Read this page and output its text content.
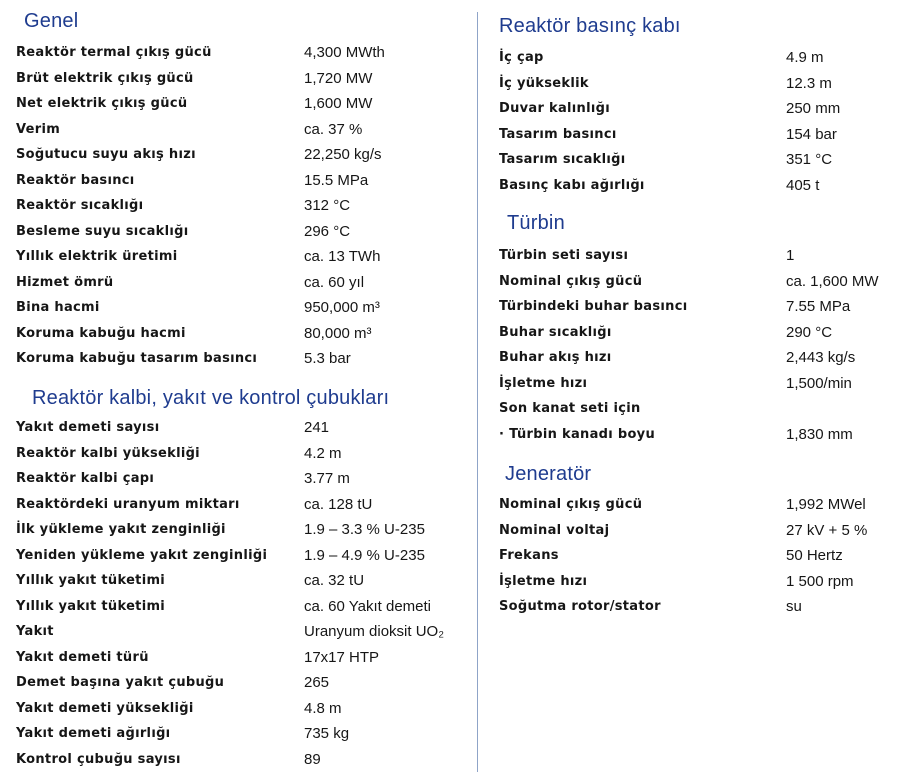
Genel
Reaktör termal çıkış gücü	4,300 MWth
Brüt elektrik çıkış gücü	1,720 MW
Net elektrik çıkış gücü	1,600 MW
Verim	ca. 37 %
Soğutucu suyu akış hızı	22,250 kg/s
Reaktör basıncı	15.5 MPa
Reaktör sıcaklığı	312 °C
Besleme suyu sıcaklığı	296 °C
Yıllık elektrik üretimi	ca. 13 TWh
Hizmet ömrü	ca. 60 yıl
Bina hacmi	950,000 m³
Koruma kabuğu hacmi	80,000 m³
Koruma kabuğu tasarım basıncı	5.3 bar
Reaktör kalbi, yakıt ve kontrol çubukları
Yakıt demeti sayısı	241
Reaktör kalbi yüksekliği	4.2 m
Reaktör kalbi çapı	3.77 m
Reaktördeki uranyum miktarı	ca. 128 tU
İlk yükleme yakıt zenginliği	1.9 – 3.3 % U-235
Yeniden yükleme yakıt zenginliği 1.9 – 4.9 % U-235
Yıllık yakıt tüketimi	ca. 32 tU
Yıllık yakıt tüketimi	ca. 60 Yakıt demeti
Yakıt	Uranyum dioksit UO₂
Yakıt demeti türü	17x17 HTP
Demet başına yakıt çubuğu	265
Yakıt demeti yüksekliği	4.8 m
Yakıt demeti ağırlığı	735 kg
Kontrol çubuğu sayısı	89
Reaktör basınç kabı
İç çap	4.9 m
İç yükseklik	12.3 m
Duvar kalınlığı	250 mm
Tasarım basıncı	154 bar
Tasarım sıcaklığı	351 °C
Basınç kabı ağırlığı	405 t
Türbin
Türbin seti sayısı	1
Nominal çıkış gücü	ca. 1,600 MW
Türbindeki buhar basıncı	7.55 MPa
Buhar sıcaklığı	290 °C
Buhar akış hızı	2,443 kg/s
İşletme hızı	1,500/min
Son kanat seti için
· Türbin kanadı boyu	1,830 mm
Jeneratör
Nominal çıkış gücü	1,992 MWel
Nominal voltaj	27 kV + 5 %
Frekans	50 Hertz
İşletme hızı	1 500 rpm
Soğutma rotor/stator	su
